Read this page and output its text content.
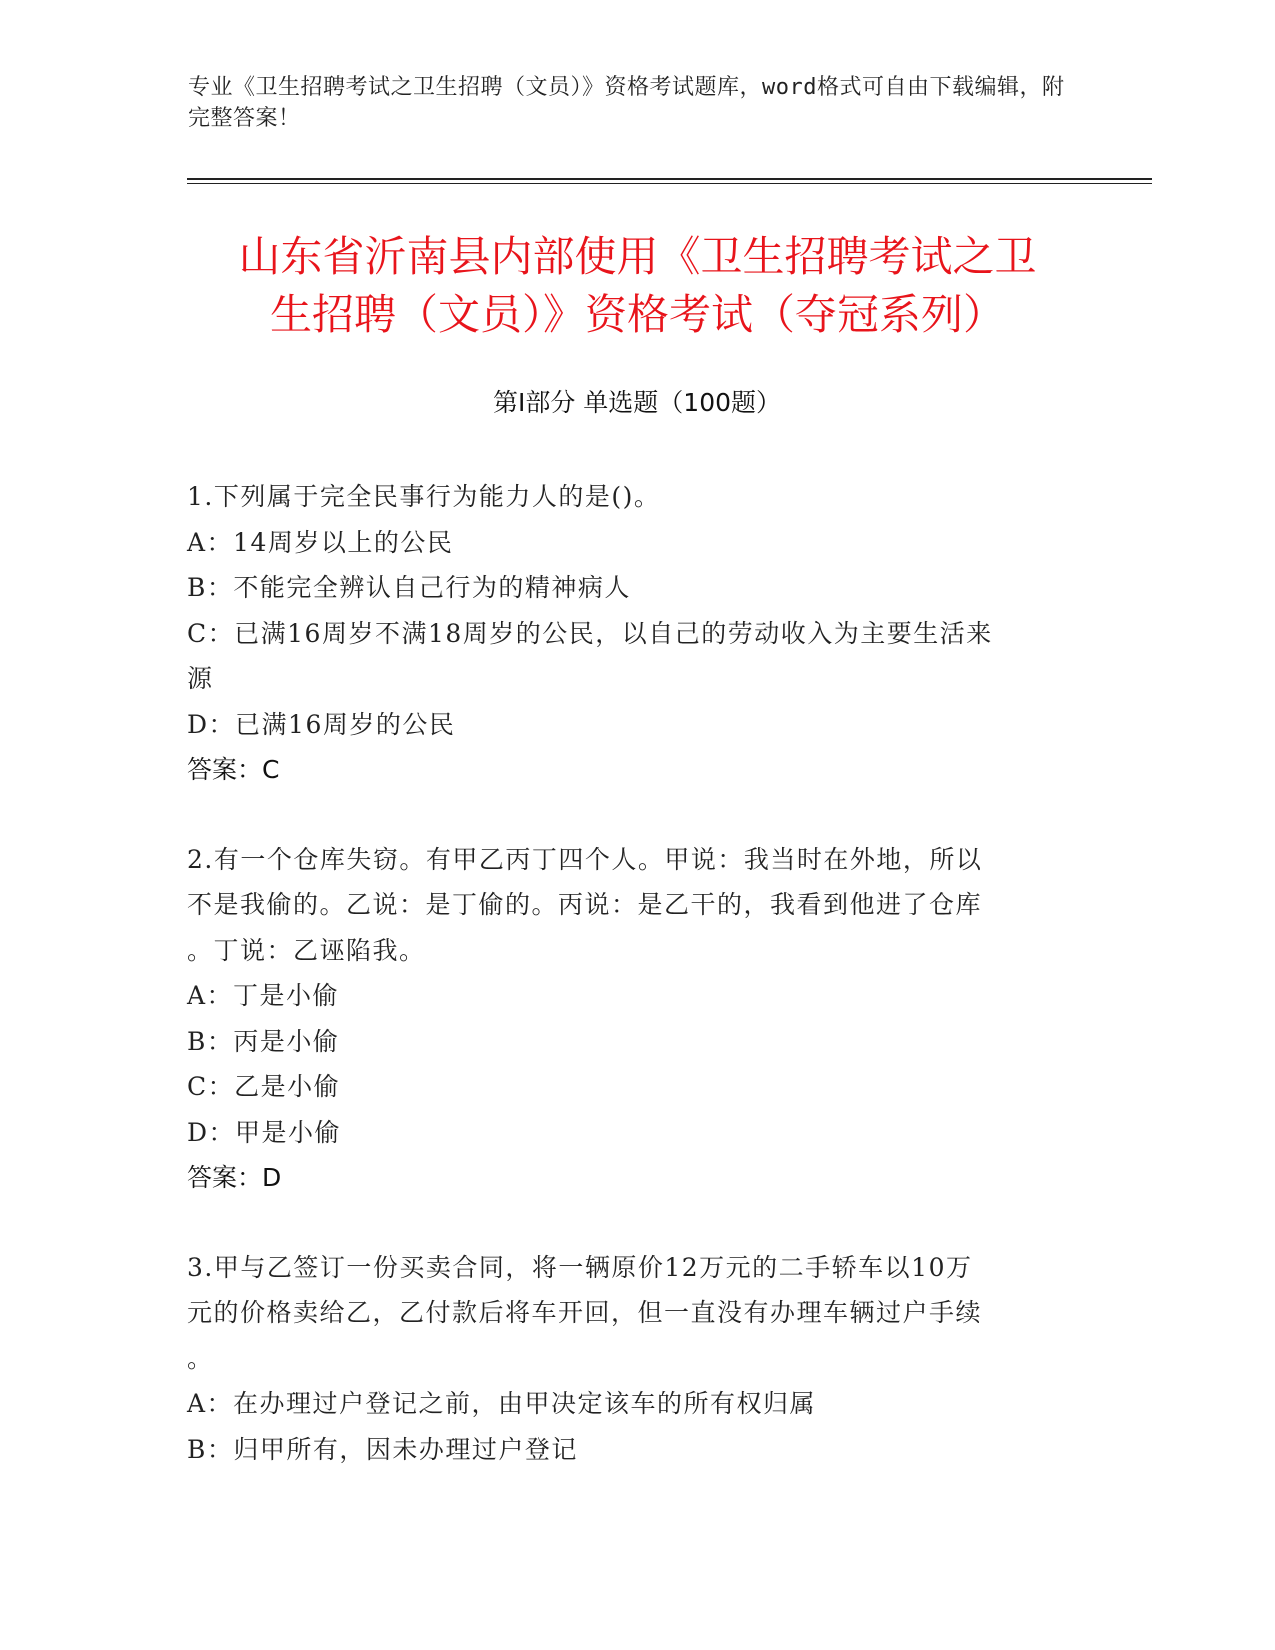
专业《卫生招聘考试之卫生招聘（文员）》资格考试题库，word格式可自由下载编辑，附完整答案！
山东省沂南县内部使用《卫生招聘考试之卫
生招聘（文员）》资格考试（夺冠系列）
第Ⅰ部分 单选题（100题）
1.下列属于完全民事行为能力人的是()。
A：14周岁以上的公民
B：不能完全辨认自己行为的精神病人
C：已满16周岁不满18周岁的公民，以自己的劳动收入为主要生活来
源
D：已满16周岁的公民
答案：C
2.有一个仓库失窃。有甲乙丙丁四个人。甲说：我当时在外地，所以
不是我偷的。乙说：是丁偷的。丙说：是乙干的，我看到他进了仓库
。丁说：乙诬陷我。
A：丁是小偷
B：丙是小偷
C：乙是小偷
D：甲是小偷
答案：D
3.甲与乙签订一份买卖合同，将一辆原价12万元的二手轿车以10万
元的价格卖给乙，乙付款后将车开回，但一直没有办理车辆过户手续
。
A：在办理过户登记之前，由甲决定该车的所有权归属
B：归甲所有，因未办理过户登记
